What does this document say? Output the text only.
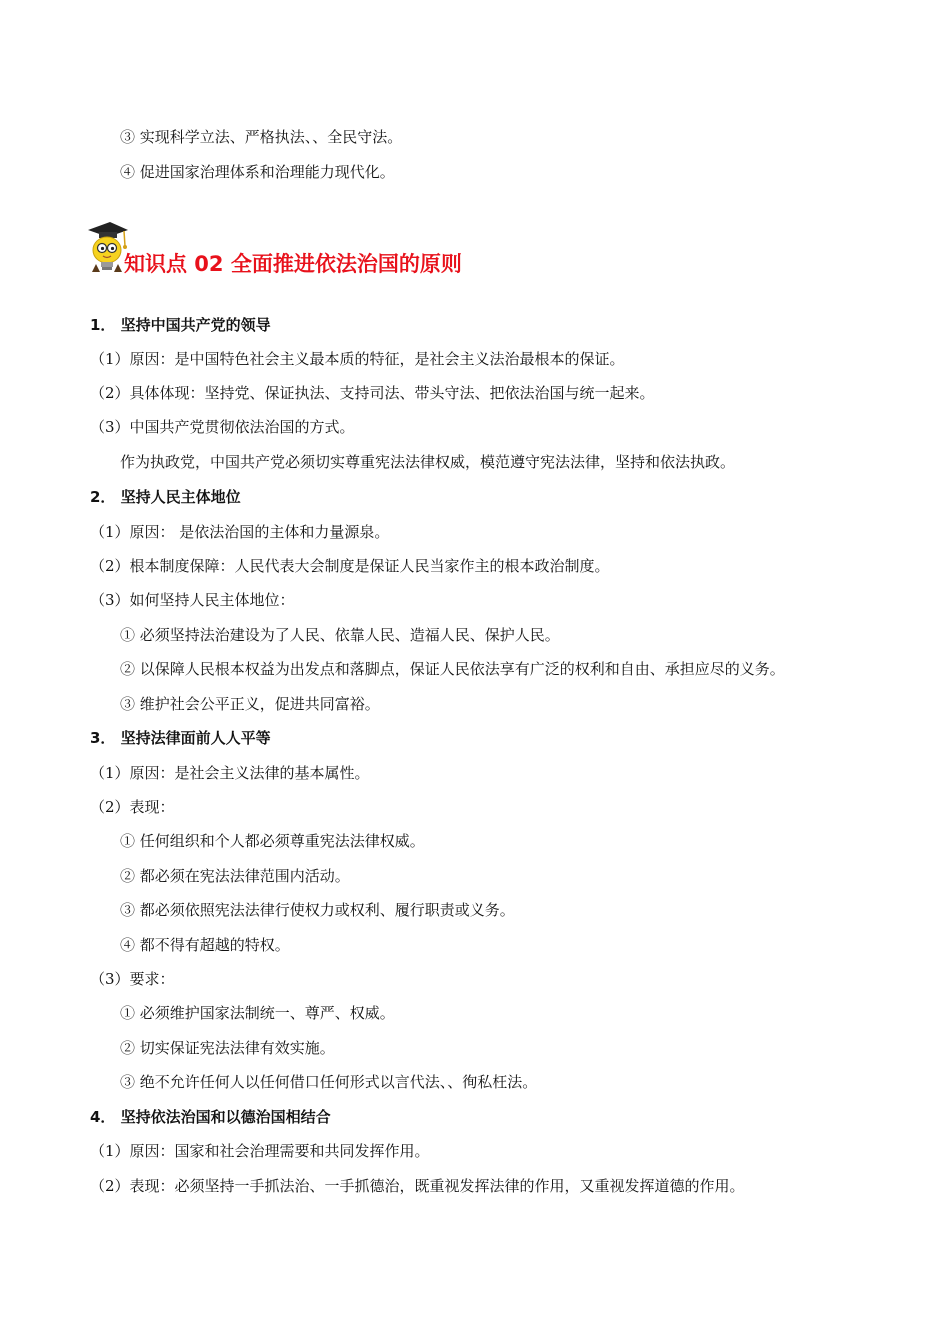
③ 实现科学立法、严格执法、、全民守法。
④ 促进国家治理体系和治理能力现代化。
知识点 02 全面推进依法治国的原则
1． 坚持中国共产党的领导
（1）原因：是中国特色社会主义最本质的特征，是社会主义法治最根本的保证。
（2）具体体现：坚持党、保证执法、支持司法、带头守法、把依法治国与统一起来。
（3）中国共产党贯彻依法治国的方式。
作为执政党，中国共产党必须切实尊重宪法法律权威，模范遵守宪法法律，坚持和依法执政。
2． 坚持人民主体地位
（1）原因： 是依法治国的主体和力量源泉。
（2）根本制度保障：人民代表大会制度是保证人民当家作主的根本政治制度。
（3）如何坚持人民主体地位：
① 必须坚持法治建设为了人民、依靠人民、造福人民、保护人民。
② 以保障人民根本权益为出发点和落脚点，保证人民依法享有广泛的权利和自由、承担应尽的义务。
③ 维护社会公平正义，促进共同富裕。
3． 坚持法律面前人人平等
（1）原因：是社会主义法律的基本属性。
（2）表现：
① 任何组织和个人都必须尊重宪法法律权威。
② 都必须在宪法法律范围内活动。
③ 都必须依照宪法法律行使权力或权利、履行职责或义务。
④ 都不得有超越的特权。
（3）要求：
① 必须维护国家法制统一、尊严、权威。
② 切实保证宪法法律有效实施。
③ 绝不允许任何人以任何借口任何形式以言代法、、徇私枉法。
4． 坚持依法治国和以德治国相结合
（1）原因：国家和社会治理需要和共同发挥作用。
（2）表现：必须坚持一手抓法治、一手抓德治，既重视发挥法律的作用，又重视发挥道德的作用。
